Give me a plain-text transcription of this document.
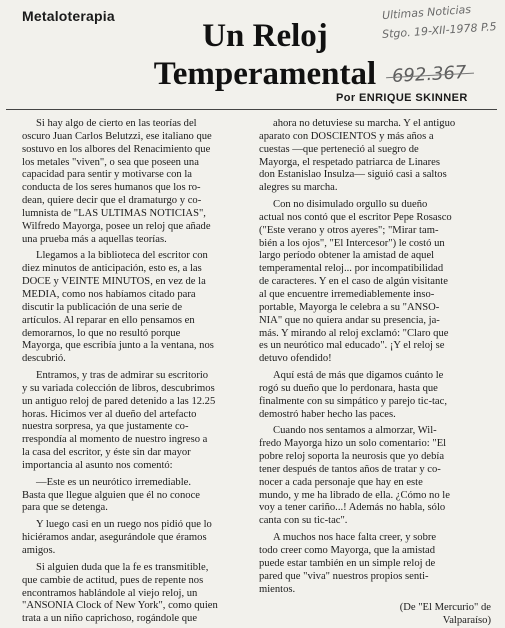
Metaloterapia
Un Reloj
Temperamental
Por ENRIQUE SKINNER
Ultimas Noticias
Stgo. 19-XII-1978 P.5
692.367

Si hay algo de cierto en las teorías del
oscuro Juan Carlos Belutzzi, ese italiano que
sostuvo en los albores del Renacimiento que
los metales "viven", o sea que poseen una
capacidad para sentir y motivarse con la
conducta de los seres humanos que los ro-
dean, quiere decir que el dramaturgo y co-
lumnista de "LAS ULTIMAS NOTICIAS",
Wilfredo Mayorga, posee un reloj que añade
una prueba más a aquellas teorías.

Llegamos a la biblioteca del escritor con
diez minutos de anticipación, esto es, a las
DOCE y VEINTE MINUTOS, en vez de la
MEDIA, como nos habíamos citado para
discutir la publicación de una serie de
artículos. Al reparar en ello pensamos en
demorarnos, lo que no resultó porque
Mayorga, que escribía junto a la ventana, nos
descubrió.

Entramos, y tras de admirar su escritorio
y su variada colección de libros, descubrimos
un antiguo reloj de pared detenido a las 12.25
horas. Hicimos ver al dueño del artefacto
nuestra sorpresa, ya que justamente co-
rrespondía al momento de nuestro ingreso a
la casa del escritor, y éste sin dar mayor
importancia al asunto nos comentó:

—Este es un neurótico irremediable.
Basta que llegue alguien que él no conoce
para que se detenga.

Y luego casi en un ruego nos pidió que lo
hiciéramos andar, asegurándole que éramos
amigos.

Si alguien duda que la fe es transmitible,
que cambie de actitud, pues de repente nos
encontramos hablándole al viejo reloj, un
"ANSONIA Clock of New York", como quien
trata a un niño caprichoso, rogándole que

ahora no detuviese su marcha. Y el antiguo
aparato con DOSCIENTOS y más años a
cuestas —que perteneció al suegro de
Mayorga, el respetado patriarca de Linares
don Estanislao Insulza— siguió casi a saltos
alegres su marcha.

Con no disimulado orgullo su dueño
actual nos contó que el escritor Pepe Rosasco
("Este verano y otros ayeres"; "Mirar tam-
bién a los ojos", "El Intercesor") le costó un
largo período obtener la amistad de aquel
temperamental reloj... por incompatibilidad
de caracteres. Y en el caso de algún visitante
al que encuentre irremediablemente inso-
portable, Mayorga le celebra a su "ANSO-
NIA" que no quiera andar su presencia, ja-
más. Y mirando al reloj exclamó: "Claro que
es un neurótico mal educado". ¡Y el reloj se
detuvo ofendido!

Aquí está de más que digamos cuánto le
rogó su dueño que lo perdonara, hasta que
finalmente con su simpático y parejo tic-tac,
demostró haber hecho las paces.

Cuando nos sentamos a almorzar, Wil-
fredo Mayorga hizo un solo comentario: "El
pobre reloj soporta la neurosis que yo debía
tener después de tantos años de tratar y co-
nocer a cada personaje que hay en este
mundo, y me ha librado de ella. ¿Cómo no le
voy a tener cariño...! Además no habla, sólo
canta con su tic-tac".

A muchos nos hace falta creer, y sobre
todo creer como Mayorga, que la amistad
puede estar también en un simple reloj de
pared que "viva" nuestros propios senti-
mientos.

(De "El Mercurio" de
Valparaíso)
